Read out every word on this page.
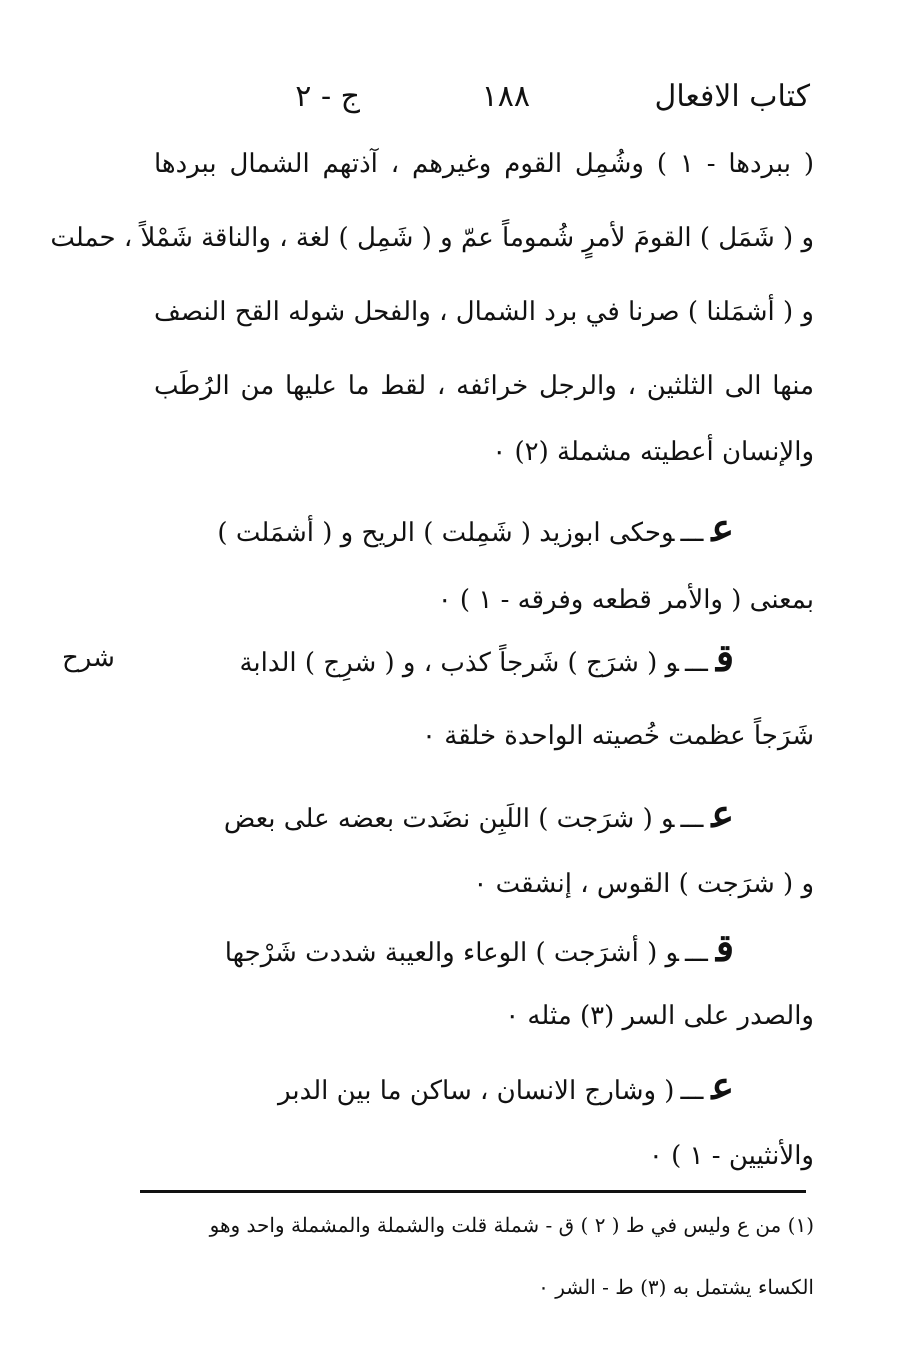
كتاب الافعال
١٨٨
ج - ٢
( ببردها - ١ ) وشُمِل القوم وغيرهم ، آذتهم الشمال ببردها
و ( شَمَل ) القومَ لأمرٍ شُموماً عمّ و ( شَمِل ) لغة ، والناقة شَمْلاً ، حملت
و ( أشمَلنا ) صرنا في برد الشمال ، والفحل شوله القح النصف
منها الى الثلثين ، والرجل خرائفه ، لقط ما عليها من الرُطَب
والإنسان أعطيته مشملة (٢) ٠
عـــوحكى ابوزيد ( شَمِلت ) الريح و ( أشمَلت )
بمعنى ( والأمر قطعه وفرقه - ١ ) ٠
قـــو ( شرَج ) شَرجاً كذب ، و ( شرِج ) الدابة
شرح
شَرَجاً عظمت خُصيته الواحدة خلقة ٠
عـــو ( شرَجت ) اللَبِن نضَدت بعضه على بعض
و ( شرَجت ) القوس ، إنشقت ٠
قـــو ( أشرَجت ) الوعاء والعيبة شددت شَرْجها
والصدر على السر (٣) مثله ٠
عـــ( وشارج الانسان ، ساكن ما بين الدبر
والأنثيين - ١ ) ٠
(١) من ع وليس في ط ( ٢ ) ق - شملة قلت والشملة والمشملة واحد وهو
الكساء يشتمل به (٣) ط - الشر ٠
